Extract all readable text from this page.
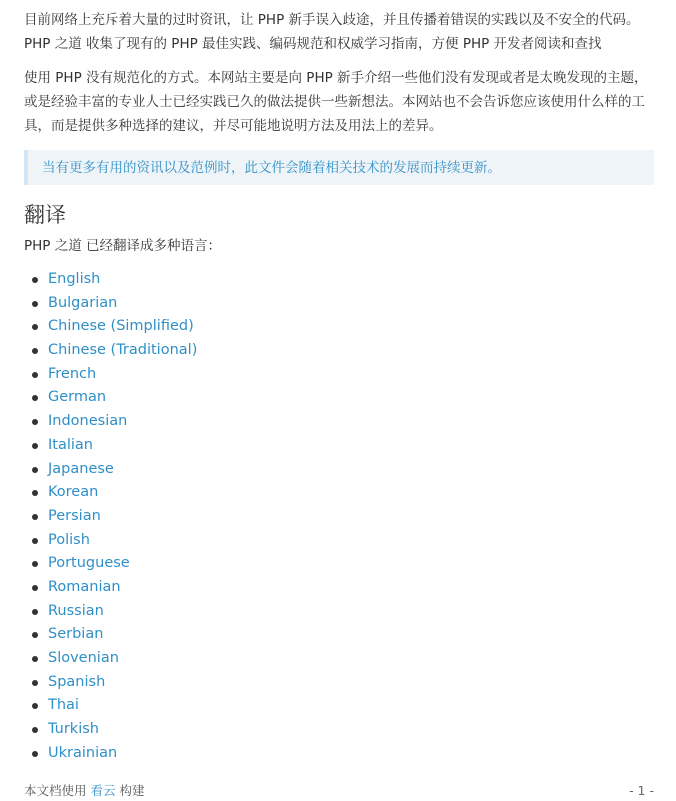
目前网络上充斥着大量的过时资讯，让 PHP 新手误入歧途，并且传播着错误的实践以及不安全的代码。PHP 之道 收集了现有的 PHP 最佳实践、编码规范和权威学习指南，方便 PHP 开发者阅读和查找

使用 PHP 没有规范化的方式。本网站主要是向 PHP 新手介绍一些他们没有发现或者是太晚发现的主题，或是经验丰富的专业人士已经实践已久的做法提供一些新想法。本网站也不会告诉您应该使用什么样的工具，而是提供多种选择的建议，并尽可能地说明方法及用法上的差异。

当有更多有用的资讯以及范例时，此文件会随着相关技术的发展而持续更新。
翻译

PHP 之道 已经翻译成多种语言：

English
Bulgarian
Chinese (Simplified)
Chinese (Traditional)
French
German
Indonesian
Italian
Japanese
Korean
Persian
Polish
Portuguese
Romanian
Russian
Serbian
Slovenian
Spanish
Thai
Turkish
Ukrainian
本文档使用 看云 构建	- 1 -
